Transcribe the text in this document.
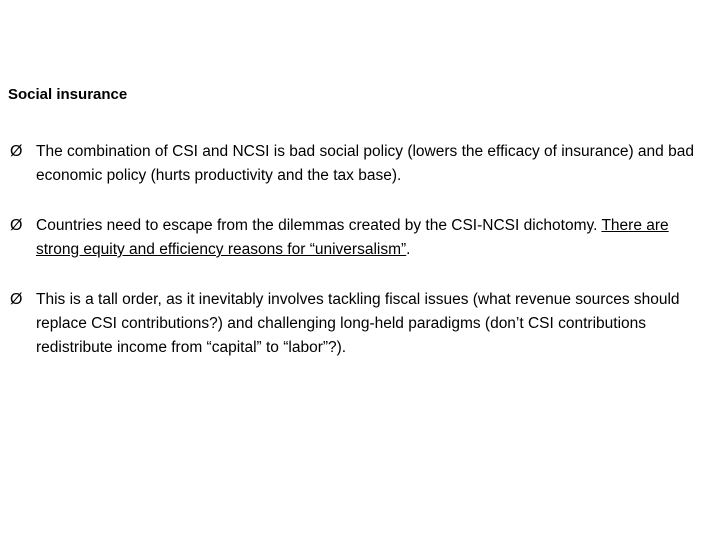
Social insurance
Ø The combination of CSI and NCSI is bad social policy (lowers the efficacy of insurance) and bad economic policy (hurts productivity and the tax base).
Ø Countries need to escape from the dilemmas created by the CSI-NCSI dichotomy. There are strong equity and efficiency reasons for “universalism”.
Ø This is a tall order, as it inevitably involves tackling fiscal issues (what revenue sources should replace CSI contributions?) and challenging long-held paradigms (don’t CSI contributions redistribute income from “capital” to “labor”?).
